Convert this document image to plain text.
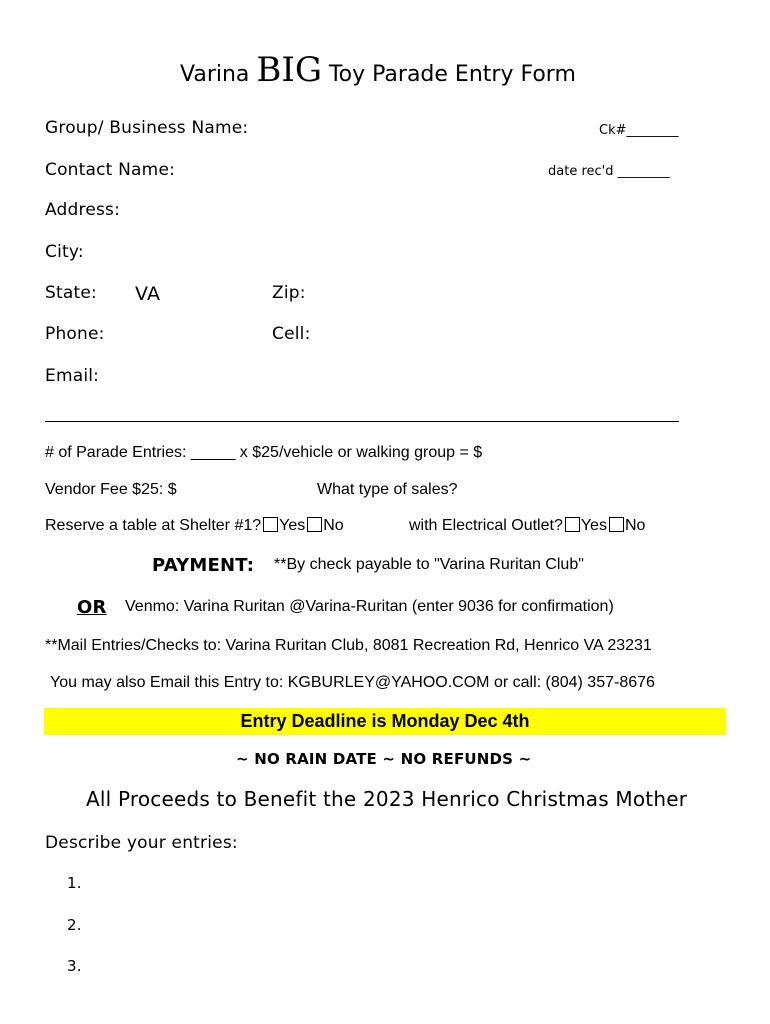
Varina BIG Toy Parade Entry Form
Group/ Business Name:	Ck#________
Contact Name:	date rec'd ________
Address:
City:
State: VA	Zip:
Phone:	Cell:
Email:
# of Parade Entries: _____ x $25/vehicle or walking group = $
Vendor Fee $25: $	What type of sales?
Reserve a table at Shelter #1? Yes No	with Electrical Outlet? Yes No
PAYMENT: **By check payable to "Varina Ruritan Club"
OR Venmo: Varina Ruritan @Varina-Ruritan (enter 9036 for confirmation)
**Mail Entries/Checks to: Varina Ruritan Club, 8081 Recreation Rd, Henrico VA 23231
You may also Email this Entry to: KGBURLEY@YAHOO.COM or call: (804) 357-8676
Entry Deadline is Monday Dec 4th
~ NO RAIN DATE ~ NO REFUNDS ~
All Proceeds to Benefit the 2023 Henrico Christmas Mother
Describe your entries:
1.
2.
3.
